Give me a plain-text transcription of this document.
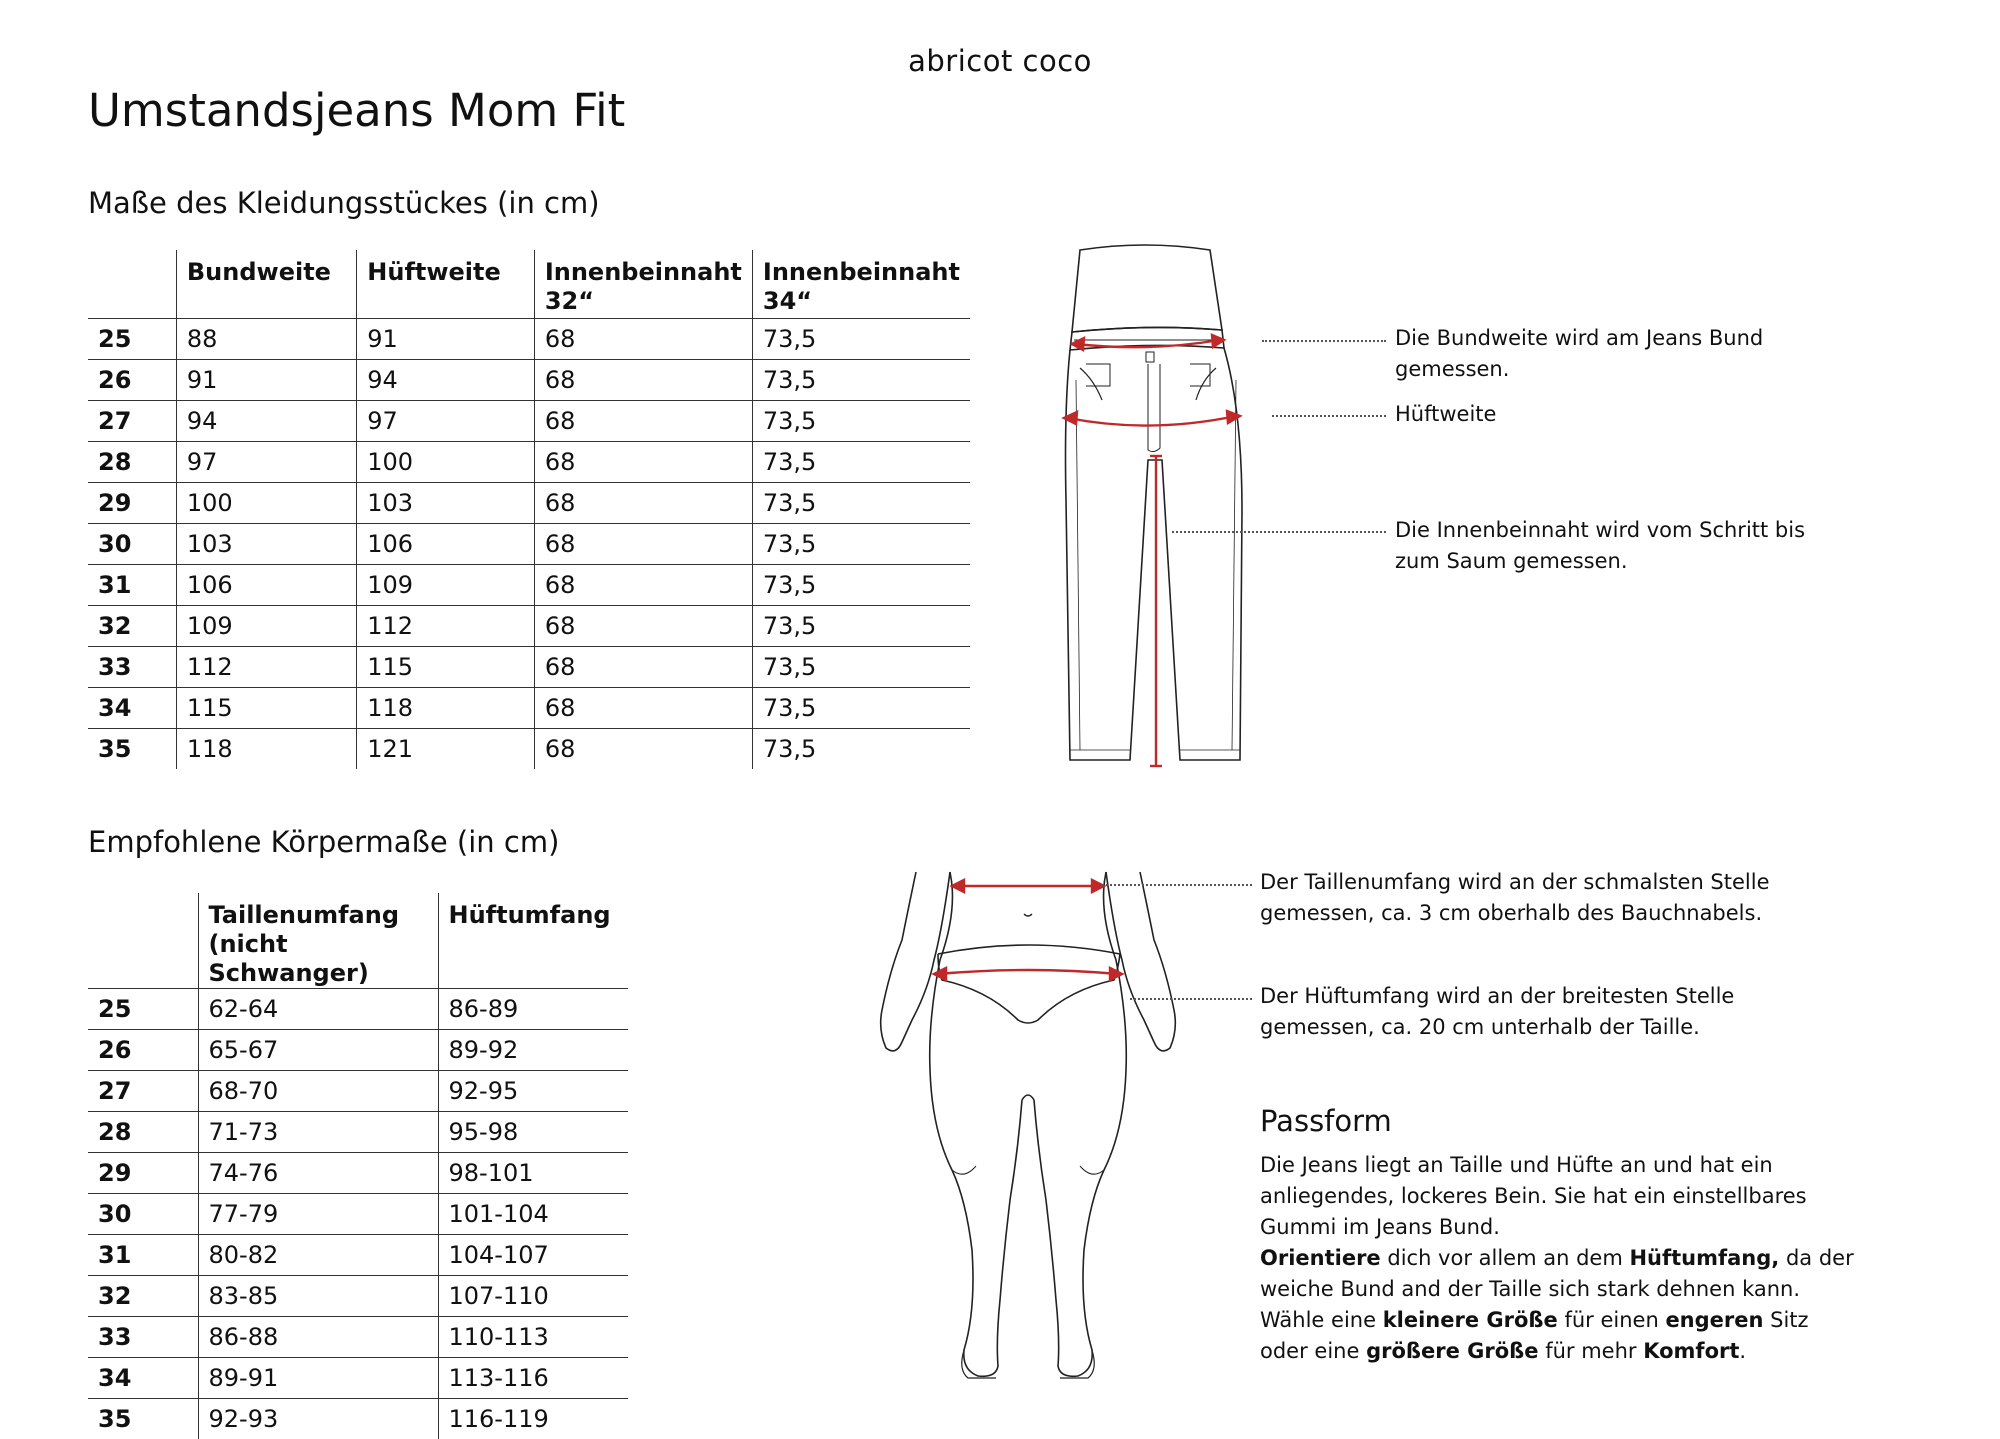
abricot coco
Umstandsjeans Mom Fit
Maße des Kleidungsstückes (in cm)
	Bundweite	Hüftweite	Innenbeinnaht 32“	Innenbeinnaht 34“
25	88	91	68	73,5
26	91	94	68	73,5
27	94	97	68	73,5
28	97	100	68	73,5
29	100	103	68	73,5
30	103	106	68	73,5
31	106	109	68	73,5
32	109	112	68	73,5
33	112	115	68	73,5
34	115	118	68	73,5
35	118	121	68	73,5
Die Bundweite wird am Jeans Bund gemessen.
Hüftweite
Die Innenbeinnaht wird vom Schritt bis zum Saum gemessen.
Empfohlene Körpermaße (in cm)
	Taillenumfang (nicht Schwanger)	Hüftumfang
25	62-64	86-89
26	65-67	89-92
27	68-70	92-95
28	71-73	95-98
29	74-76	98-101
30	77-79	101-104
31	80-82	104-107
32	83-85	107-110
33	86-88	110-113
34	89-91	113-116
35	92-93	116-119
Der Taillenumfang wird an der schmalsten Stelle gemessen, ca. 3 cm oberhalb des Bauchnabels.
Der Hüftumfang wird an der breitesten Stelle gemessen, ca. 20 cm unterhalb der Taille.
Passform

Die Jeans liegt an Taille und Hüfte an und hat ein anliegendes, lockeres Bein. Sie hat ein einstellbares Gummi im Jeans Bund.

Orientiere dich vor allem an dem Hüftumfang, da der weiche Bund and der Taille sich stark dehnen kann.

Wähle eine kleinere Größe für einen engeren Sitz oder eine größere Größe für mehr Komfort.
